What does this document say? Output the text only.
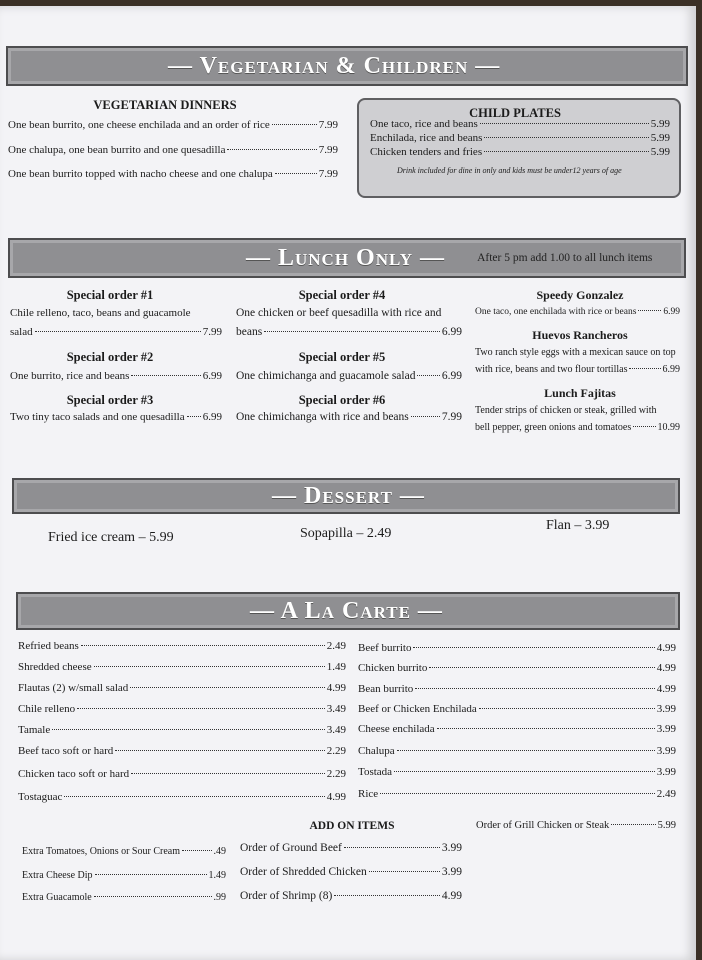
— Vegetarian & Children —
VEGETARIAN DINNERS
One bean burrito, one cheese enchilada and an order of rice	7.99
One chalupa, one bean burrito and one quesadilla	7.99
One bean burrito topped with nacho cheese and one chalupa	7.99
CHILD PLATES
One taco, rice and beans	5.99
Enchilada, rice and beans	5.99
Chicken tenders and fries	5.99
Drink included for dine in only and kids must be under12 years of age
— Lunch Only —	After 5 pm add 1.00 to all lunch items
Special order #1
Chile relleno, taco, beans and guacamole
salad	7.99
Special order #2
One burrito, rice and beans	6.99
Special order #3
Two tiny taco salads and one quesadilla 6.99
Special order #4
One chicken or beef quesadilla with rice and
beans	6.99
Special order #5
One chimichanga and guacamole salad 6.99
Special order #6
One chimichanga with rice and beans	7.99
Speedy Gonzalez
One taco, one enchilada with rice or beans	6.99
Huevos Rancheros
Two ranch style eggs with a mexican sauce on top
with rice, beans and two flour tortillas	6.99
Lunch Fajitas
Tender strips of chicken or steak, grilled with
bell pepper, green onions and tomatoes	10.99
— Dessert —
Fried ice cream – 5.99	Sopapilla – 2.49
Flan – 3.99
— A La Carte —
Refried beans	2.49
Shredded cheese	1.49
Flautas (2) w/small salad	4.99
Chile relleno	3.49
Tamale	3.49
Beef taco soft or hard	2.29
Chicken taco soft or hard	2.29
Tostaguac	4.99
Beef burrito	4.99
Chicken burrito	4.99
Bean burrito	4.99
Beef or Chicken Enchilada	3.99
Cheese enchilada	3.99
Chalupa	3.99
Tostada	3.99
Rice	2.49
ADD ON ITEMS
Extra Tomatoes, Onions or Sour Cream	.49
Extra Cheese Dip	1.49
Extra Guacamole	.99
Order of Ground Beef	3.99
Order of Shredded Chicken	3.99
Order of Shrimp (8)	4.99
Order of Grill Chicken or Steak	5.99
